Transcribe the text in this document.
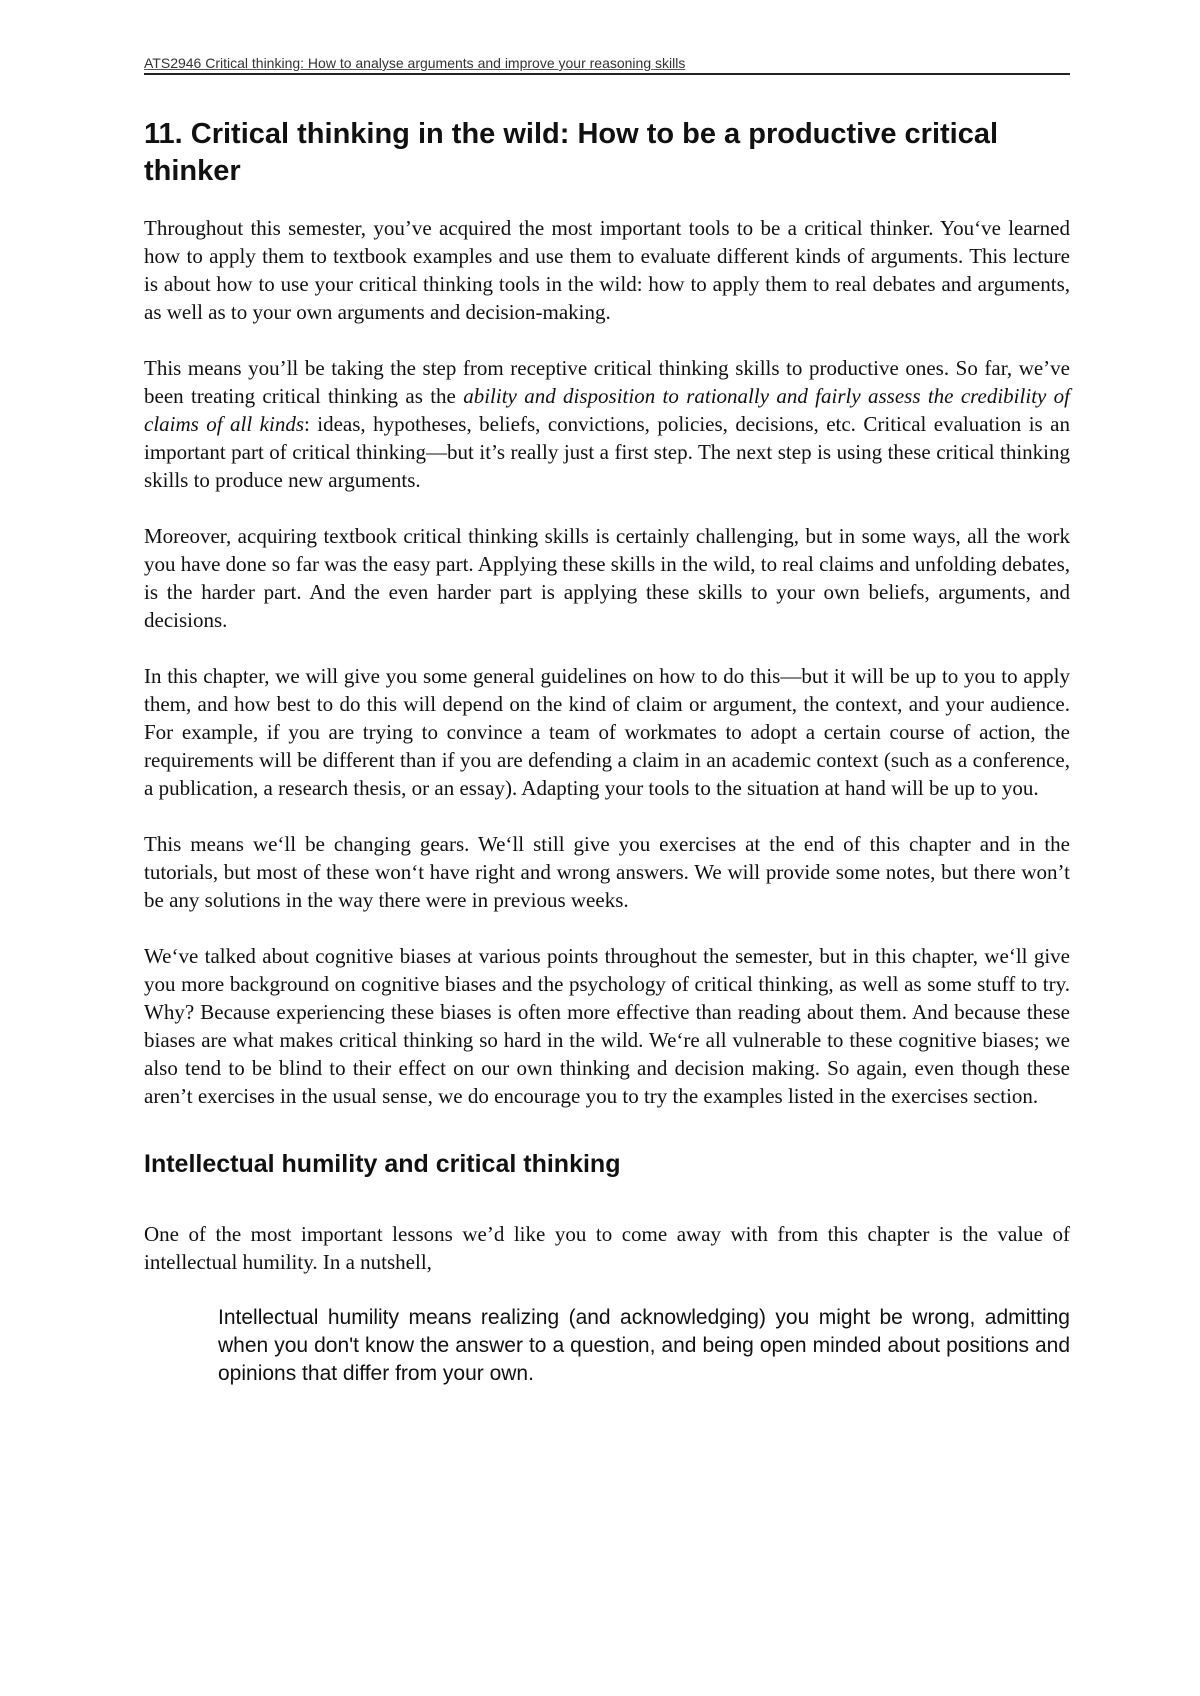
ATS2946 Critical thinking: How to analyse arguments and improve your reasoning skills
11. Critical thinking in the wild: How to be a productive critical thinker

Throughout this semester, you’ve acquired the most important tools to be a critical thinker. You‘ve learned how to apply them to textbook examples and use them to evaluate different kinds of arguments. This lecture is about how to use your critical thinking tools in the wild: how to apply them to real debates and arguments, as well as to your own arguments and decision-making.

This means you’ll be taking the step from receptive critical thinking skills to productive ones. So far, we’ve been treating critical thinking as the ability and disposition to rationally and fairly assess the credibility of claims of all kinds: ideas, hypotheses, beliefs, convictions, policies, decisions, etc. Critical evaluation is an important part of critical thinking—but it’s really just a first step. The next step is using these critical thinking skills to produce new arguments.

Moreover, acquiring textbook critical thinking skills is certainly challenging, but in some ways, all the work you have done so far was the easy part. Applying these skills in the wild, to real claims and unfolding debates, is the harder part. And the even harder part is applying these skills to your own beliefs, arguments, and decisions.

In this chapter, we will give you some general guidelines on how to do this—but it will be up to you to apply them, and how best to do this will depend on the kind of claim or argument, the context, and your audience. For example, if you are trying to convince a team of workmates to adopt a certain course of action, the requirements will be different than if you are defending a claim in an academic context (such as a conference, a publication, a research thesis, or an essay). Adapting your tools to the situation at hand will be up to you.

This means we‘ll be changing gears. We‘ll still give you exercises at the end of this chapter and in the tutorials, but most of these won‘t have right and wrong answers. We will provide some notes, but there won’t be any solutions in the way there were in previous weeks.

We‘ve talked about cognitive biases at various points throughout the semester, but in this chapter, we‘ll give you more background on cognitive biases and the psychology of critical thinking, as well as some stuff to try. Why? Because experiencing these biases is often more effective than reading about them. And because these biases are what makes critical thinking so hard in the wild. We‘re all vulnerable to these cognitive biases; we also tend to be blind to their effect on our own thinking and decision making. So again, even though these aren’t exercises in the usual sense, we do encourage you to try the examples listed in the exercises section.

Intellectual humility and critical thinking

One of the most important lessons we’d like you to come away with from this chapter is the value of intellectual humility. In a nutshell,

Intellectual humility means realizing (and acknowledging) you might be wrong, admitting when you don't know the answer to a question, and being open minded about positions and opinions that differ from your own.
